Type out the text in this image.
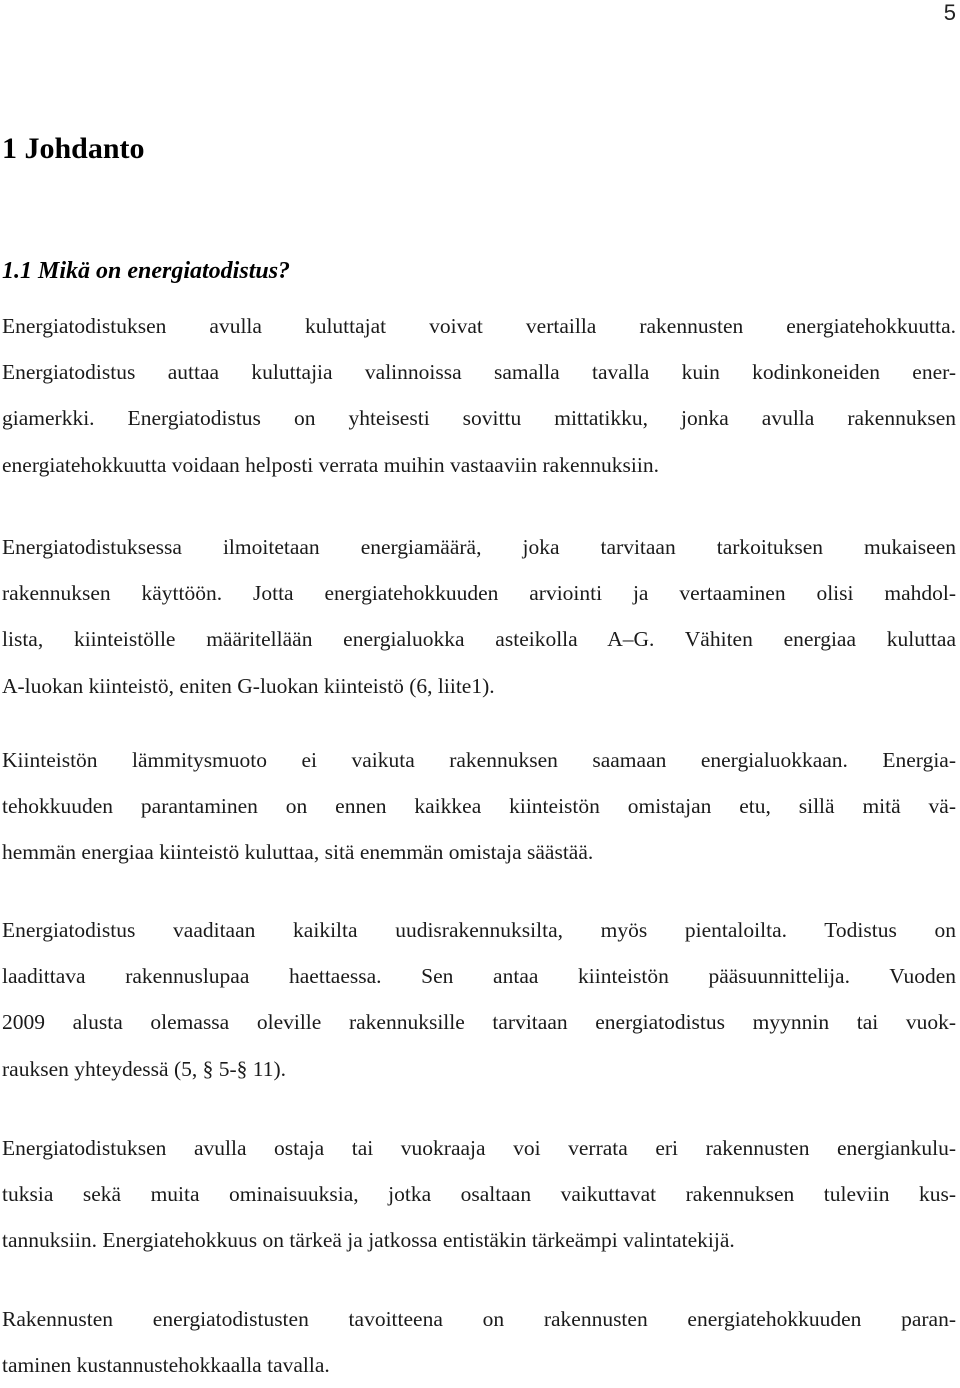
5
1 Johdanto
1.1 Mikä on energiatodistus?

Energiatodistuksen avulla kuluttajat voivat vertailla rakennusten energiatehokkuutta.
Energiatodistus auttaa kuluttajia valinnoissa samalla tavalla kuin kodinkoneiden ener-
giamerkki. Energiatodistus on yhteisesti sovittu mittatikku, jonka avulla rakennuksen
energiatehokkuutta voidaan helposti verrata muihin vastaaviin rakennuksiin.

Energiatodistuksessa ilmoitetaan energiamäärä, joka tarvitaan tarkoituksen mukaiseen
rakennuksen käyttöön. Jotta energiatehokkuuden arviointi ja vertaaminen olisi mahdol-
lista, kiinteistölle määritellään energialuokka asteikolla A–G. Vähiten energiaa kuluttaa
A-luokan kiinteistö, eniten G-luokan kiinteistö (6, liite1).

Kiinteistön lämmitysmuoto ei vaikuta rakennuksen saamaan energialuokkaan. Energia-
tehokkuuden parantaminen on ennen kaikkea kiinteistön omistajan etu, sillä mitä vä-
hemmän energiaa kiinteistö kuluttaa, sitä enemmän omistaja säästää.

Energiatodistus vaaditaan kaikilta uudisrakennuksilta, myös pientaloilta. Todistus on
laadittava rakennuslupaa haettaessa. Sen antaa kiinteistön pääsuunnittelija. Vuoden
2009 alusta olemassa oleville rakennuksille tarvitaan energiatodistus myynnin tai vuok-
rauksen yhteydessä (5, § 5-§ 11).

Energiatodistuksen avulla ostaja tai vuokraaja voi verrata eri rakennusten energiankulu-
tuksia sekä muita ominaisuuksia, jotka osaltaan vaikuttavat rakennuksen tuleviin kus-
tannuksiin. Energiatehokkuus on tärkeä ja jatkossa entistäkin tärkeämpi valintatekijä.

Rakennusten energiatodistusten tavoitteena on rakennusten energiatehokkuuden paran-
taminen kustannustehokkaalla tavalla.
